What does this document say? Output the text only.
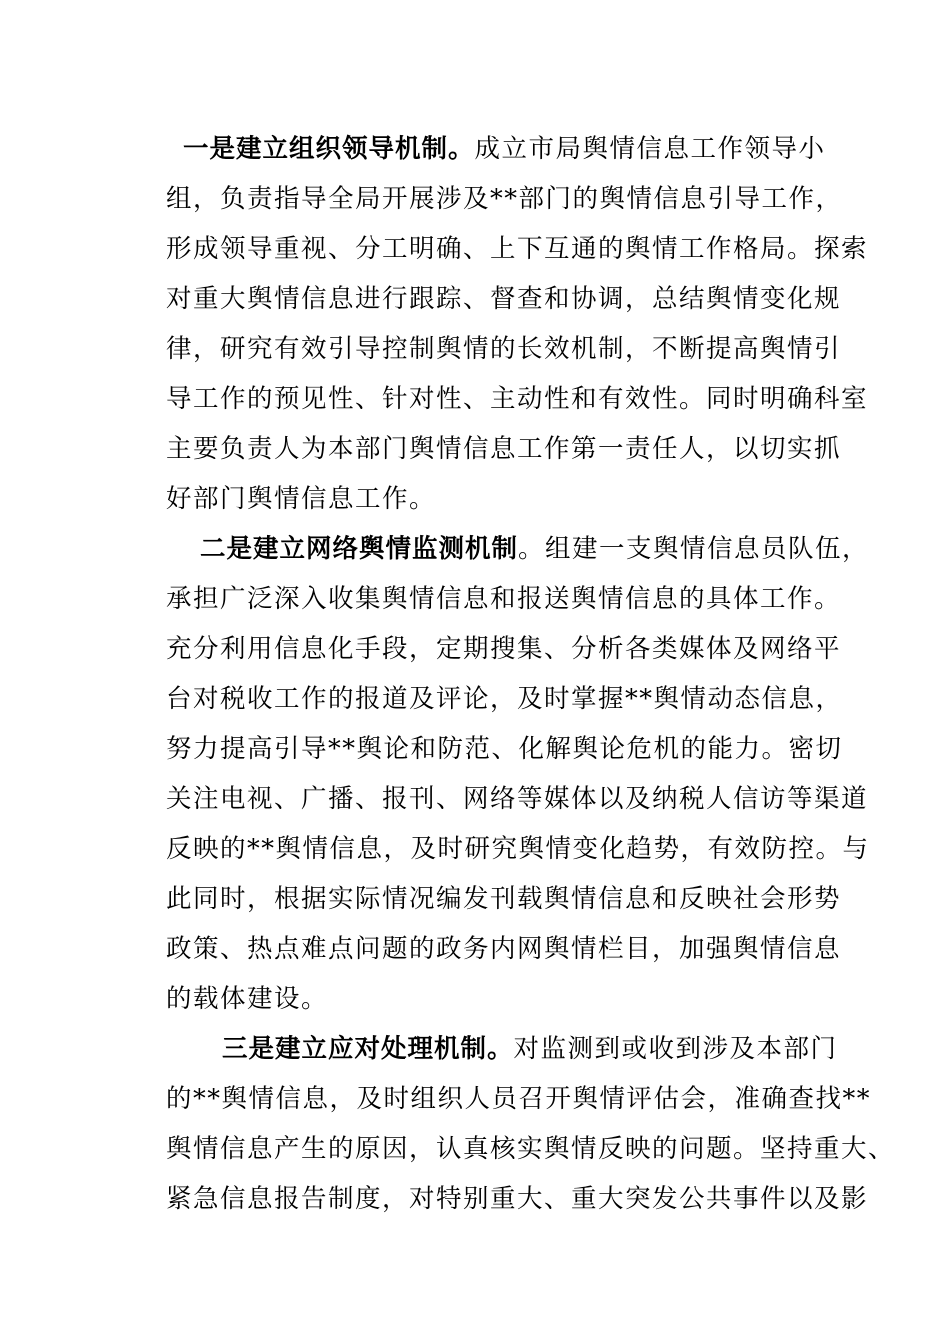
一是建立组织领导机制。成立市局舆情信息工作领导小
组，负责指导全局开展涉及**部门的舆情信息引导工作，
形成领导重视、分工明确、上下互通的舆情工作格局。探索
对重大舆情信息进行跟踪、督查和协调，总结舆情变化规
律，研究有效引导控制舆情的长效机制，不断提高舆情引
导工作的预见性、针对性、主动性和有效性。同时明确科室
主要负责人为本部门舆情信息工作第一责任人，以切实抓
好部门舆情信息工作。
二是建立网络舆情监测机制。组建一支舆情信息员队伍，
承担广泛深入收集舆情信息和报送舆情信息的具体工作。
充分利用信息化手段，定期搜集、分析各类媒体及网络平
台对税收工作的报道及评论，及时掌握**舆情动态信息，
努力提高引导**舆论和防范、化解舆论危机的能力。密切
关注电视、广播、报刊、网络等媒体以及纳税人信访等渠道
反映的**舆情信息，及时研究舆情变化趋势，有效防控。与
此同时，根据实际情况编发刊载舆情信息和反映社会形势
政策、热点难点问题的政务内网舆情栏目，加强舆情信息
的载体建设。
三是建立应对处理机制。对监测到或收到涉及本部门
的**舆情信息，及时组织人员召开舆情评估会，准确查找**
舆情信息产生的原因，认真核实舆情反映的问题。坚持重大、
紧急信息报告制度，对特别重大、重大突发公共事件以及影
